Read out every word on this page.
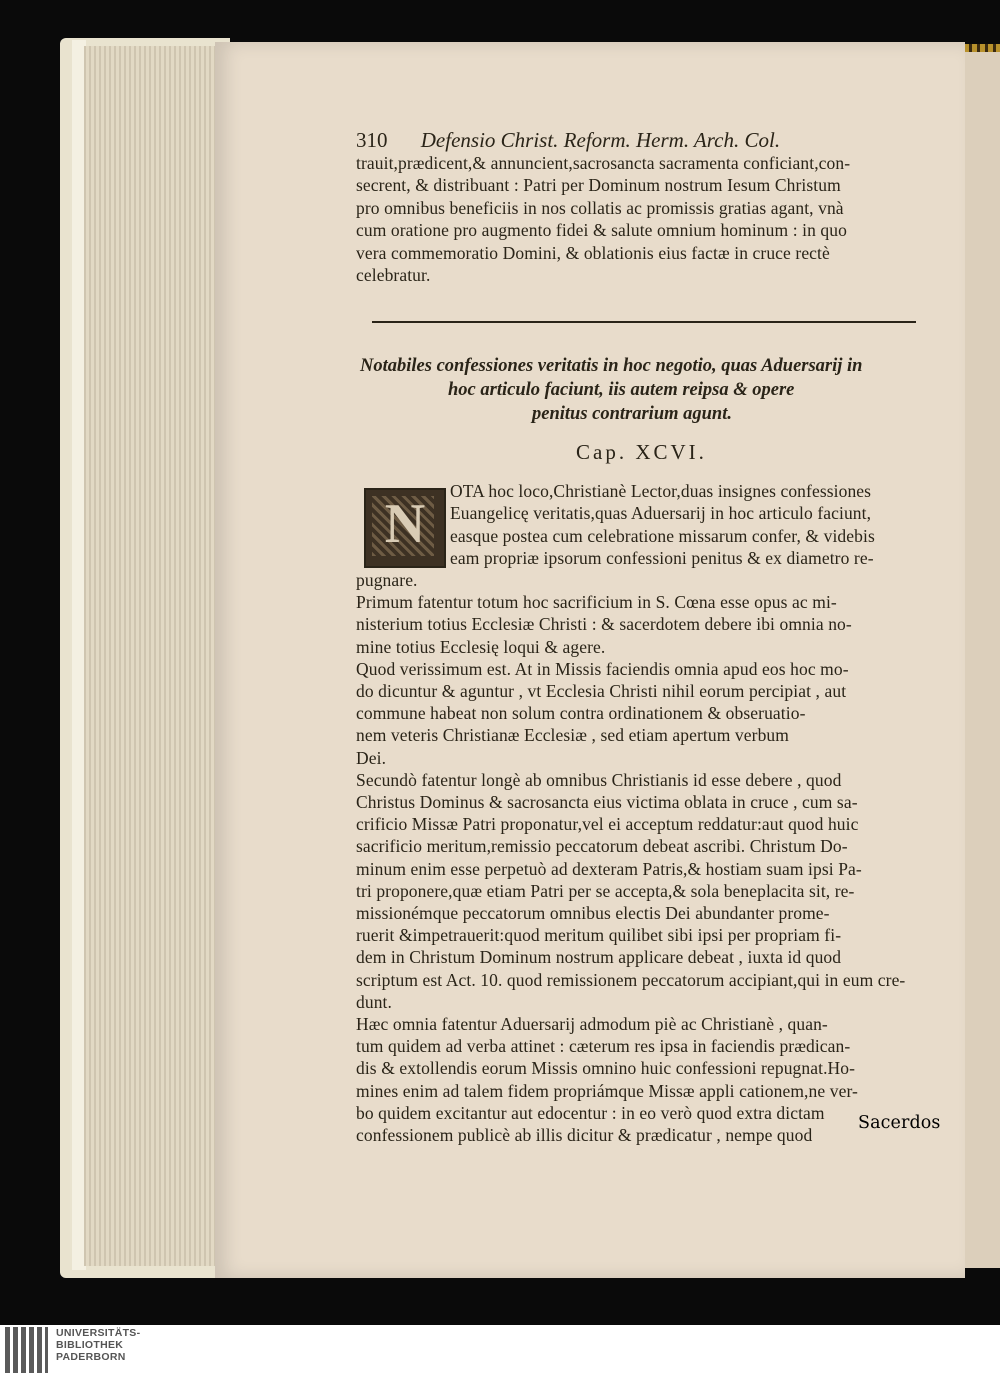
310 Defensio Christ. Reform. Herm. Arch. Col.
trauit,prædicent,& annuncient,sacrosancta sacramenta conficiant,con-
secrent, & distribuant : Patri per Dominum nostrum Iesum Christum
pro omnibus beneficiis in nos collatis ac promissis gratias agant, vnà
cum oratione pro augmento fidei & salute omnium hominum : in quo
vera commemoratio Domini, & oblationis eius factæ in cruce rectè
celebratur.
Notabiles confessiones veritatis in hoc negotio, quas Aduersarij in
hoc articulo faciunt, iis autem reipsa & opere
penitus contrarium agunt.
Cap. XCVI.
N
OTA hoc loco,Christianè Lector,duas insignes confessiones
Euangelicę veritatis,quas Aduersarij in hoc articulo faciunt,
easque postea cum celebratione missarum confer, & videbis
eam propriæ ipsorum confessioni penitus & ex diametro re-
pugnare.
Primum fatentur totum hoc sacrificium in S. Cœna esse opus ac mi-
nisterium totius Ecclesiæ Christi : & sacerdotem debere ibi omnia no-
mine totius Ecclesię loqui & agere.
Quod verissimum est. At in Missis faciendis omnia apud eos hoc mo-
do dicuntur & aguntur , vt Ecclesia Christi nihil eorum percipiat , aut
commune habeat non solum contra ordinationem & obseruatio-
nem veteris Christianæ Ecclesiæ , sed etiam apertum verbum
Dei.
Secundò fatentur longè ab omnibus Christianis id esse debere , quod
Christus Dominus & sacrosancta eius victima oblata in cruce , cum sa-
crificio Missæ Patri proponatur,vel ei acceptum reddatur:aut quod huic
sacrificio meritum,remissio peccatorum debeat ascribi. Christum Do-
minum enim esse perpetuò ad dexteram Patris,& hostiam suam ipsi Pa-
tri proponere,quæ etiam Patri per se accepta,& sola beneplacita sit, re-
missionémque peccatorum omnibus electis Dei abundanter prome-
ruerit &impetrauerit:quod meritum quilibet sibi ipsi per propriam fi-
dem in Christum Dominum nostrum applicare debeat , iuxta id quod
scriptum est Act. 10. quod remissionem peccatorum accipiant,qui in eum cre-
dunt.
Hæc omnia fatentur Aduersarij admodum piè ac Christianè , quan-
tum quidem ad verba attinet : cæterum res ipsa in faciendis prædican-
dis & extollendis eorum Missis omnino huic confessioni repugnat.Ho-
mines enim ad talem fidem propriámque Missæ appli cationem,ne ver-
bo quidem excitantur aut edocentur : in eo verò quod extra dictam
confessionem publicè ab illis dicitur & prædicatur , nempe quod
Sacerdos
UNIVERSITÄTS-
BIBLIOTHEK
PADERBORN
